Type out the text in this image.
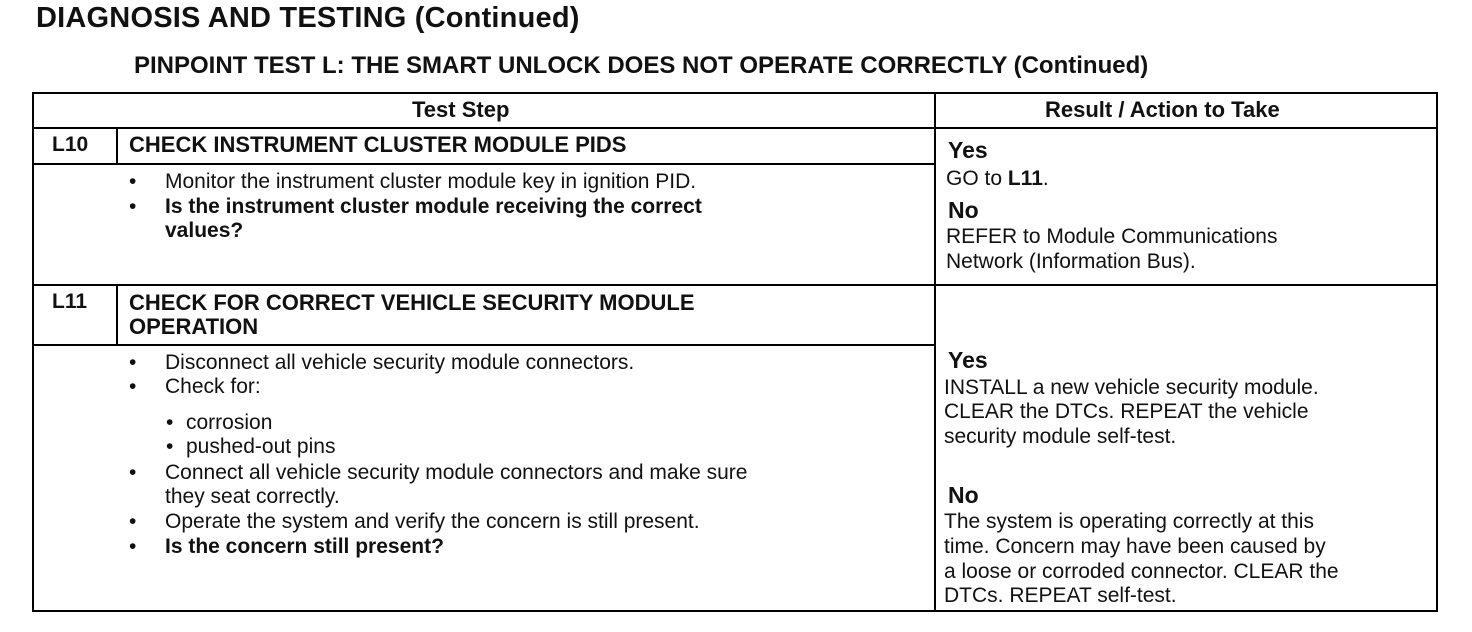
DIAGNOSIS AND TESTING (Continued)
PINPOINT TEST L: THE SMART UNLOCK DOES NOT OPERATE CORRECTLY (Continued)
Test Step	Result / Action to Take
L10 CHECK INSTRUMENT CLUSTER MODULE PIDS
• Monitor the instrument cluster module key in ignition PID.
• Is the instrument cluster module receiving the correct
values?
Yes
GO to L11.
No
REFER to Module Communications
Network (Information Bus).
L11 CHECK FOR CORRECT VEHICLE SECURITY MODULE
OPERATION
• Disconnect all vehicle security module connectors.
• Check for:
• corrosion
• pushed-out pins
• Connect all vehicle security module connectors and make sure
they seat correctly.
• Operate the system and verify the concern is still present.
• Is the concern still present?
Yes
INSTALL a new vehicle security module.
CLEAR the DTCs. REPEAT the vehicle
security module self-test.
No
The system is operating correctly at this
time. Concern may have been caused by
a loose or corroded connector. CLEAR the
DTCs. REPEAT self-test.
